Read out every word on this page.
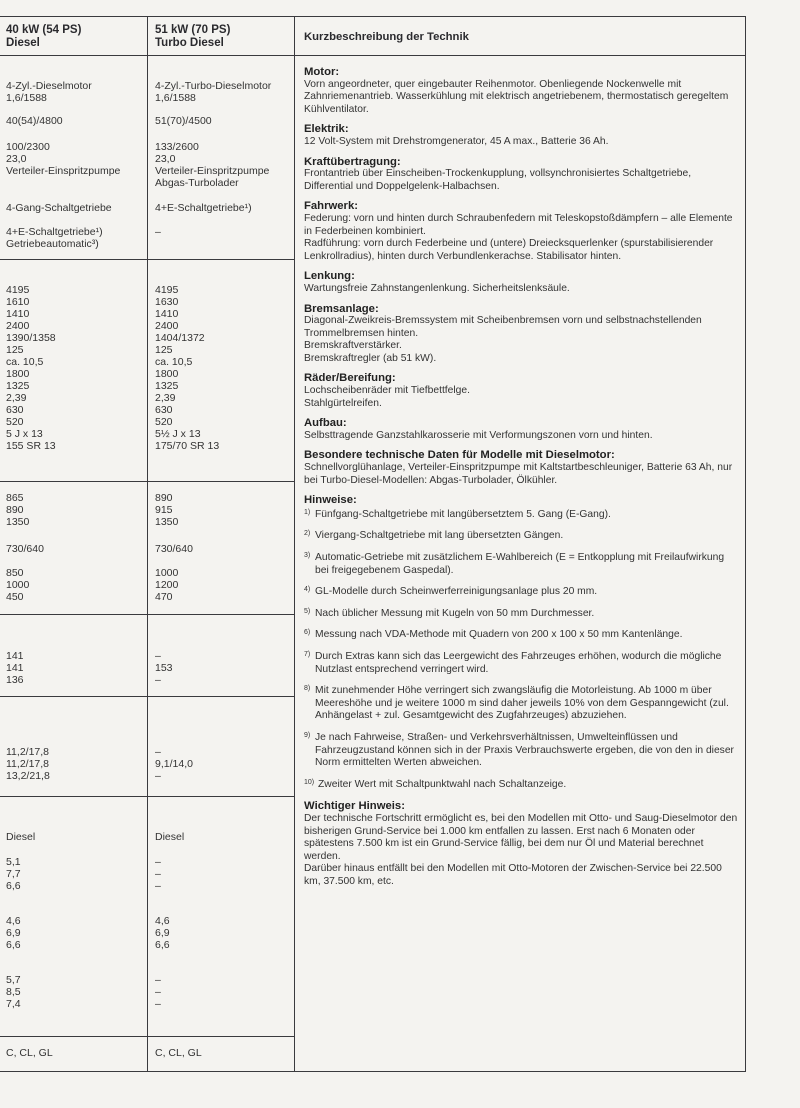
40 kW (54 PS)
Diesel
51 kW (70 PS)
Turbo Diesel	Kurzbeschreibung der Technik
4-Zyl.-Dieselmotor
1,6/1588
40(54)/4800
100/2300
23,0
Verteiler-Einspritzpumpe
4-Gang-Schaltgetriebe
4+E-Schaltgetriebe¹)
Getriebeautomatic³)
4195
1610
1410
2400
1390/1358
125
ca. 10,5
1800
1325
2,39
630
520
5 J x 13
155 SR 13
865
890
1350
730/640
850
1000
450
141
141
136
11,2/17,8
11,2/17,8
13,2/21,8
Diesel
5,1
7,7
6,6
4,6
6,9
6,6
5,7
8,5
7,4
C, CL, GL
4-Zyl.-Turbo-Dieselmotor
1,6/1588
51(70)/4500
133/2600
23,0
Verteiler-Einspritzpumpe
Abgas-Turbolader
4+E-Schaltgetriebe¹)
–
4195
1630
1410
2400
1404/1372
125
ca. 10,5
1800
1325
2,39
630
520
5½ J x 13
175/70 SR 13
890
915
1350
730/640
1000
1200
470
–
153
–
–
9,1/14,0
–
Diesel
–
–
–
4,6
6,9
6,6
–
–
–
C, CL, GL
Motor:
Vorn angeordneter, quer eingebauter Reihenmotor. Obenliegende Nockenwelle mit Zahnriemenantrieb. Wasserkühlung mit elektrisch angetriebenem, thermostatisch geregeltem Kühlventilator.
Elektrik:
12 Volt-System mit Drehstromgenerator, 45 A max., Batterie 36 Ah.
Kraftübertragung:
Frontantrieb über Einscheiben-Trockenkupplung, vollsynchronisiertes Schaltgetriebe, Differential und Doppelgelenk-Halbachsen.
Fahrwerk:
Federung: vorn und hinten durch Schraubenfedern mit Teleskopstoßdämpfern – alle Elemente in Federbeinen kombiniert.
Radführung: vorn durch Federbeine und (untere) Dreiecksquerlenker (spurstabilisierender Lenkrollradius), hinten durch Verbundlenkerachse. Stabilisator hinten.
Lenkung:
Wartungsfreie Zahnstangenlenkung. Sicherheitslenksäule.
Bremsanlage:
Diagonal-Zweikreis-Bremssystem mit Scheibenbremsen vorn und selbstnachstellenden Trommelbremsen hinten.
Bremskraftverstärker.
Bremskraftregler (ab 51 kW).
Räder/Bereifung:
Lochscheibenräder mit Tiefbettfelge.
Stahlgürtelreifen.
Aufbau:
Selbsttragende Ganzstahlkarosserie mit Verformungszonen vorn und hinten.
Besondere technische Daten für Modelle mit Dieselmotor:
Schnellvorglühanlage, Verteiler-Einspritzpumpe mit Kaltstartbeschleuniger, Batterie 63 Ah, nur bei Turbo-Diesel-Modellen: Abgas-Turbolader, Ölkühler.
Hinweise:
1) Fünfgang-Schaltgetriebe mit langübersetztem 5. Gang (E-Gang).
2) Viergang-Schaltgetriebe mit lang übersetzten Gängen.
3) Automatic-Getriebe mit zusätzlichem E-Wahlbereich (E = Entkopplung mit Freilaufwirkung bei freigegebenem Gaspedal).
4) GL-Modelle durch Scheinwerferreinigungsanlage plus 20 mm.
5) Nach üblicher Messung mit Kugeln von 50 mm Durchmesser.
6) Messung nach VDA-Methode mit Quadern von 200 x 100 x 50 mm Kantenlänge.
7) Durch Extras kann sich das Leergewicht des Fahrzeuges erhöhen, wodurch die mögliche Nutzlast entsprechend verringert wird.
8) Mit zunehmender Höhe verringert sich zwangsläufig die Motorleistung. Ab 1000 m über Meereshöhe und je weitere 1000 m sind daher jeweils 10% von dem Gespanngewicht (zul. Anhängelast + zul. Gesamtgewicht des Zugfahrzeuges) abzuziehen.
9) Je nach Fahrweise, Straßen- und Verkehrsverhältnissen, Umwelteinflüssen und Fahrzeugzustand können sich in der Praxis Verbrauchswerte ergeben, die von den in dieser Norm ermittelten Werten abweichen.
10) Zweiter Wert mit Schaltpunktwahl nach Schaltanzeige.
Wichtiger Hinweis:
Der technische Fortschritt ermöglicht es, bei den Modellen mit Otto- und Saug-Dieselmotor den bisherigen Grund-Service bei 1.000 km entfallen zu lassen. Erst nach 6 Monaten oder spätestens 7.500 km ist ein Grund-Service fällig, bei dem nur Öl und Material berechnet werden.
Darüber hinaus entfällt bei den Modellen mit Otto-Motoren der Zwischen-Service bei 22.500 km, 37.500 km, etc.
